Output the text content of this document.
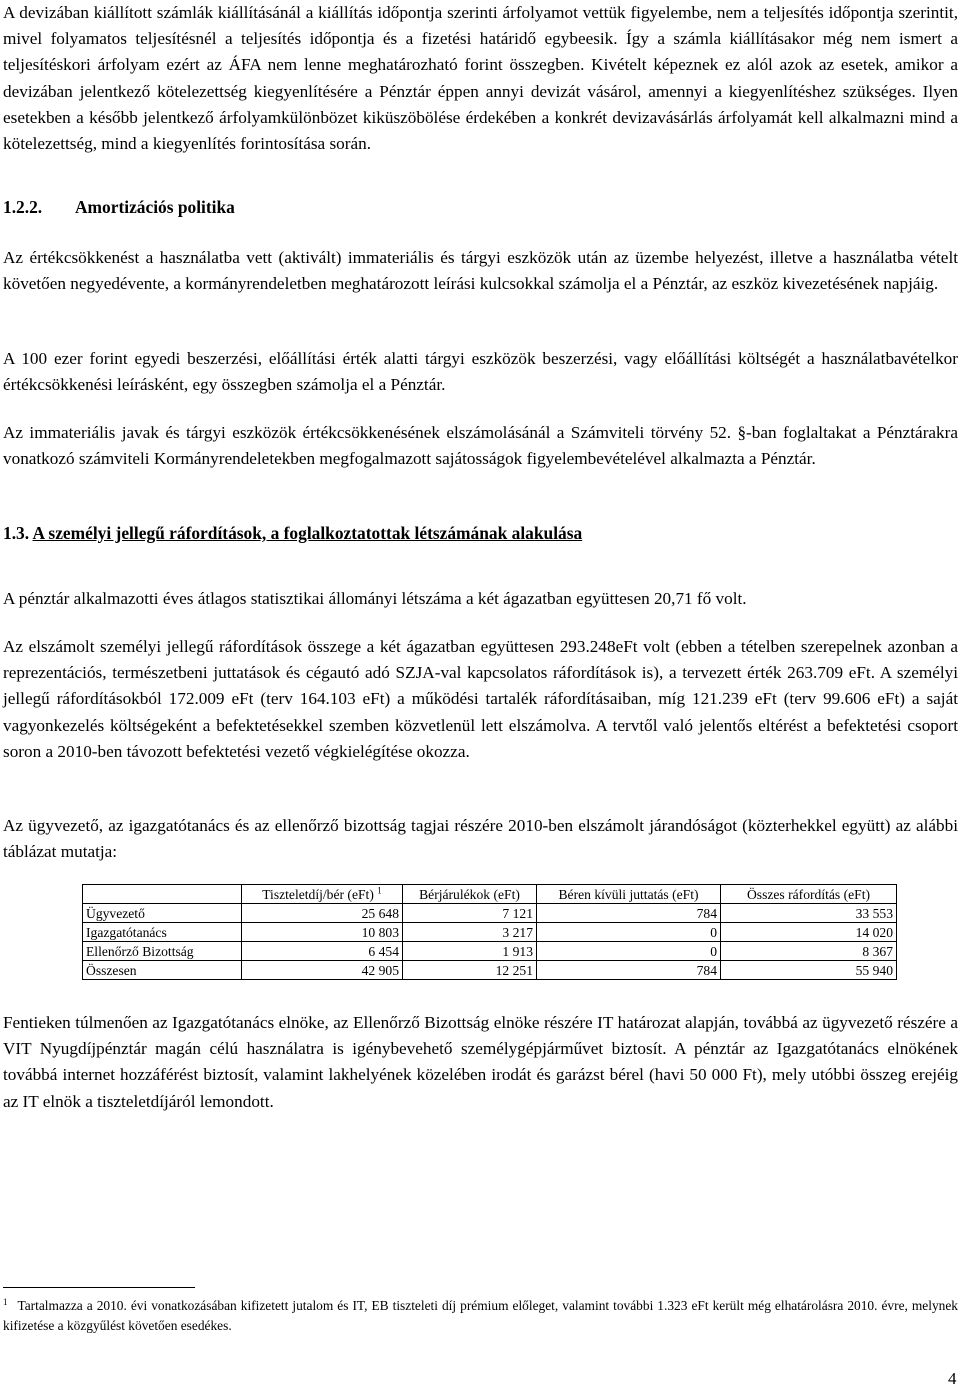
A devizában kiállított számlák kiállításánál a kiállítás időpontja szerinti árfolyamot vettük figyelembe, nem a teljesítés időpontja szerintit, mivel folyamatos teljesítésnél a teljesítés időpontja és a fizetési határidő egybeesik. Így a számla kiállításakor még nem ismert a teljesítéskori árfolyam ezért az ÁFA nem lenne meghatározható forint összegben. Kivételt képeznek ez alól azok az esetek, amikor a devizában jelentkező kötelezettség kiegyenlítésére a Pénztár éppen annyi devizát vásárol, amennyi a kiegyenlítéshez szükséges. Ilyen esetekben a később jelentkező árfolyamkülönbözet kiküszöbölése érdekében a konkrét devizavásárlás árfolyamát kell alkalmazni mind a kötelezettség, mind a kiegyenlítés forintosítása során.

1.2.2. Amortizációs politika

Az értékcsökkenést a használatba vett (aktivált) immateriális és tárgyi eszközök után az üzembe helyezést, illetve a használatba vételt követően negyedévente, a kormányrendeletben meghatározott leírási kulcsokkal számolja el a Pénztár, az eszköz kivezetésének napjáig.

A 100 ezer forint egyedi beszerzési, előállítási érték alatti tárgyi eszközök beszerzési, vagy előállítási költségét a használatbavételkor értékcsökkenési leírásként, egy összegben számolja el a Pénztár.

Az immateriális javak és tárgyi eszközök értékcsökkenésének elszámolásánál a Számviteli törvény 52. §-ban foglaltakat a Pénztárakra vonatkozó számviteli Kormányrendeletekben megfogalmazott sajátosságok figyelembevételével alkalmazta a Pénztár.

1.3. A személyi jellegű ráfordítások, a foglalkoztatottak létszámának alakulása

A pénztár alkalmazotti éves átlagos statisztikai állományi létszáma a két ágazatban együttesen 20,71 fő volt.

Az elszámolt személyi jellegű ráfordítások összege a két ágazatban együttesen 293.248eFt volt (ebben a tételben szerepelnek azonban a reprezentációs, természetbeni juttatások és cégautó adó SZJA-val kapcsolatos ráfordítások is), a tervezett érték 263.709 eFt. A személyi jellegű ráfordításokból 172.009 eFt (terv 164.103 eFt) a működési tartalék ráfordításaiban, míg 121.239 eFt (terv 99.606 eFt) a saját vagyonkezelés költségeként a befektetésekkel szemben közvetlenül lett elszámolva. A tervtől való jelentős eltérést a befektetési csoport soron a 2010-ben távozott befektetési vezető végkielégítése okozza.

Az ügyvezető, az igazgatótanács és az ellenőrző bizottság tagjai részére 2010-ben elszámolt járandóságot (közterhekkel együtt) az alábbi táblázat mutatja:

	Tiszteletdíj/bér (eFt) $^1$	Bérjárulékok (eFt)	Béren kívüli juttatás (eFt)	Összes ráfordítás (eFt)
Ügyvezető	25 648	7 121	784	33 553
Igazgatótanács	10 803	3 217	0	14 020
Ellenőrző Bizottság	6 454	1 913	0	8 367
Összesen	42 905	12 251	784	55 940

Fentieken túlmenően az Igazgatótanács elnöke, az Ellenőrző Bizottság elnöke részére IT határozat alapján, továbbá az ügyvezető részére a VIT Nyugdíjpénztár magán célú használatra is igénybevehető személygépjárművet biztosít. A pénztár az Igazgatótanács elnökének továbbá internet hozzáférést biztosít, valamint lakhelyének közelében irodát és garázst bérel (havi 50 000 Ft), mely utóbbi összeg erejéig az IT elnök a tiszteletdíjáról lemondott.

$^1$ Tartalmazza a 2010. évi vonatkozásában kifizetett jutalom és IT, EB tiszteleti díj prémium előleget, valamint további 1.323 eFt került még elhatárolásra 2010. évre, melynek kifizetése a közgyűlést követően esedékes.
4
